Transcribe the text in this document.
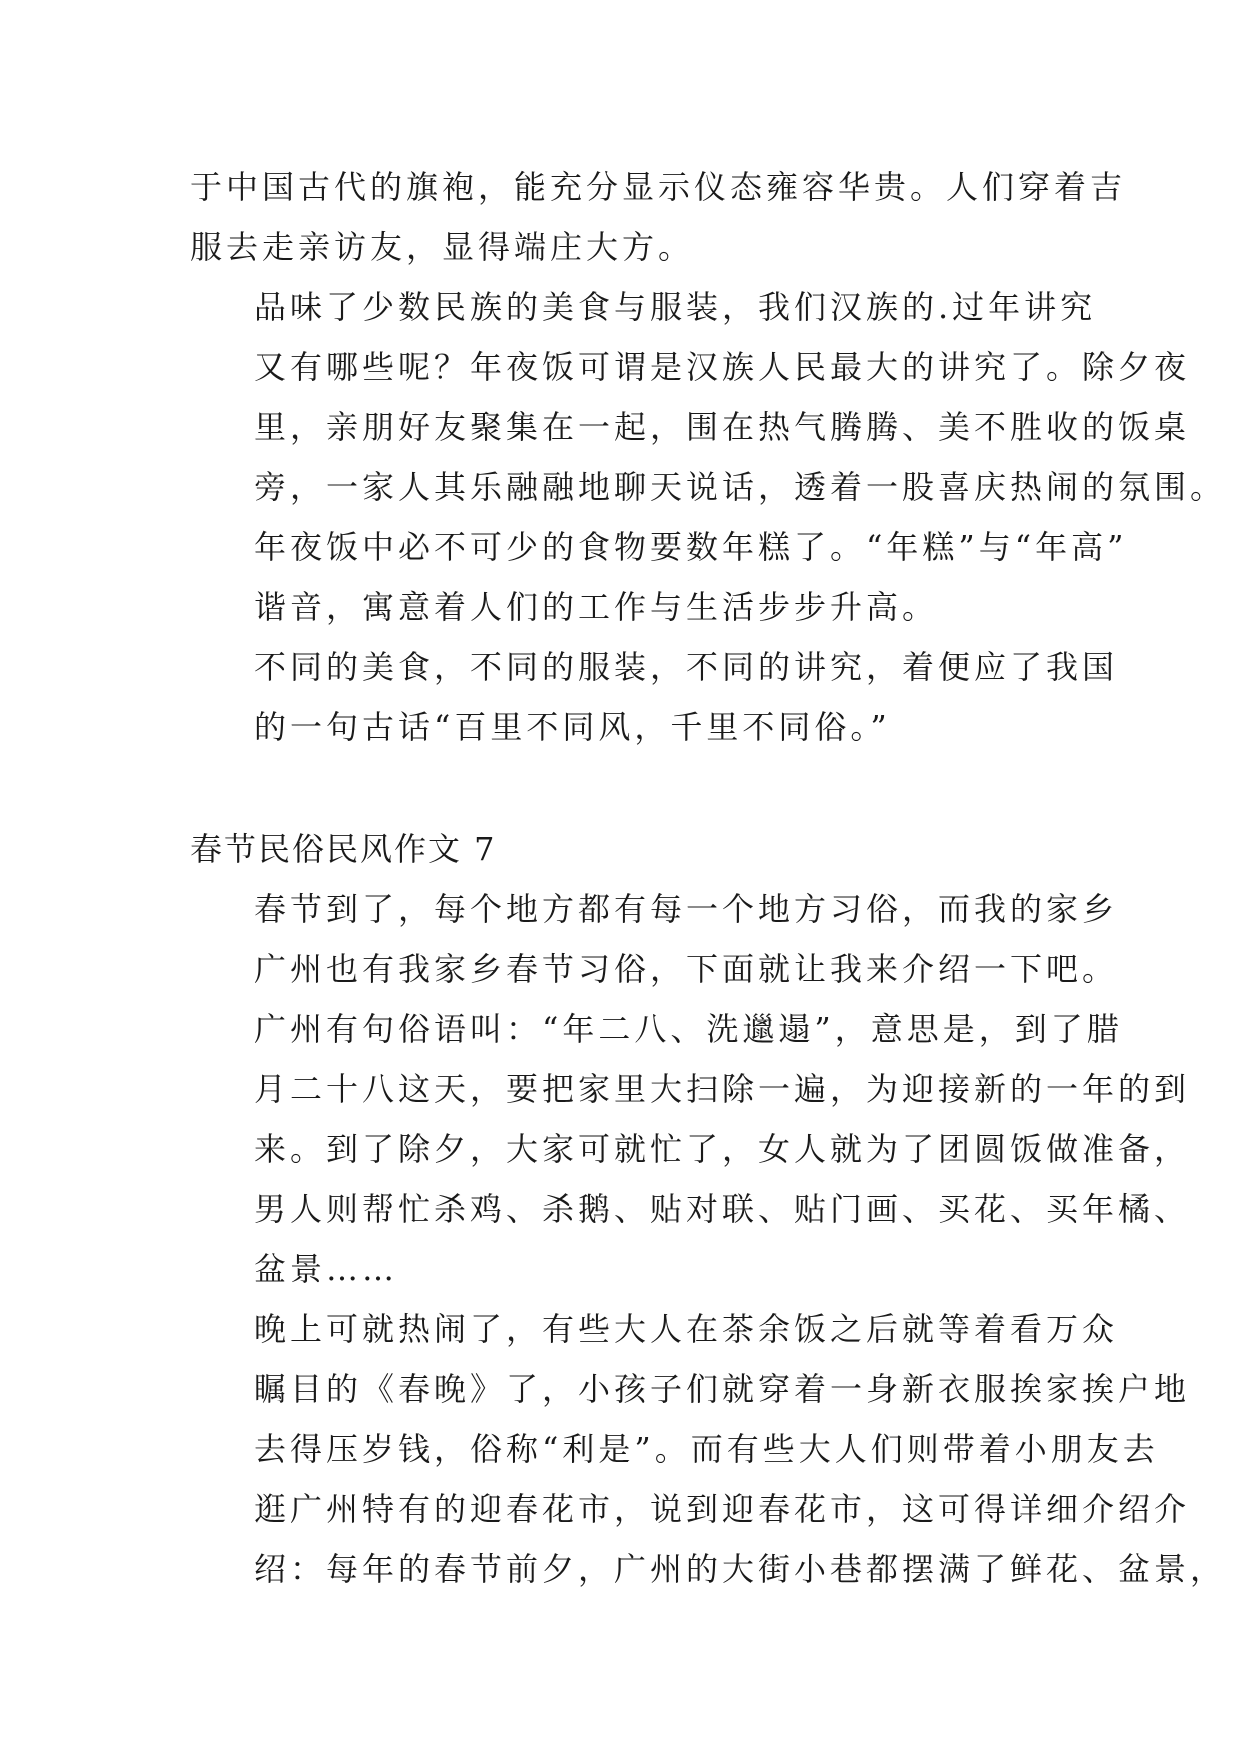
于中国古代的旗袍，能充分显示仪态雍容华贵。人们穿着吉
服去走亲访友，显得端庄大方。

品味了少数民族的美食与服装，我们汉族的.过年讲究
又有哪些呢？年夜饭可谓是汉族人民最大的讲究了。除夕夜
里，亲朋好友聚集在一起，围在热气腾腾、美不胜收的饭桌
旁，一家人其乐融融地聊天说话，透着一股喜庆热闹的氛围。
年夜饭中必不可少的食物要数年糕了。“年糕”与“年高”
谐音，寓意着人们的工作与生活步步升高。

不同的美食，不同的服装，不同的讲究，着便应了我国
的一句古话“百里不同风，千里不同俗。”

春节民俗民风作文 7

春节到了，每个地方都有每一个地方习俗，而我的家乡
广州也有我家乡春节习俗，下面就让我来介绍一下吧。

广州有句俗语叫：“年二八、洗邋遢”，意思是，到了腊
月二十八这天，要把家里大扫除一遍，为迎接新的一年的到
来。到了除夕，大家可就忙了，女人就为了团圆饭做准备，
男人则帮忙杀鸡、杀鹅、贴对联、贴门画、买花、买年橘、
盆景……

晚上可就热闹了，有些大人在茶余饭之后就等着看万众
瞩目的《春晚》了，小孩子们就穿着一身新衣服挨家挨户地
去得压岁钱，俗称“利是”。而有些大人们则带着小朋友去
逛广州特有的迎春花市，说到迎春花市，这可得详细介绍介
绍：每年的春节前夕，广州的大街小巷都摆满了鲜花、盆景，
